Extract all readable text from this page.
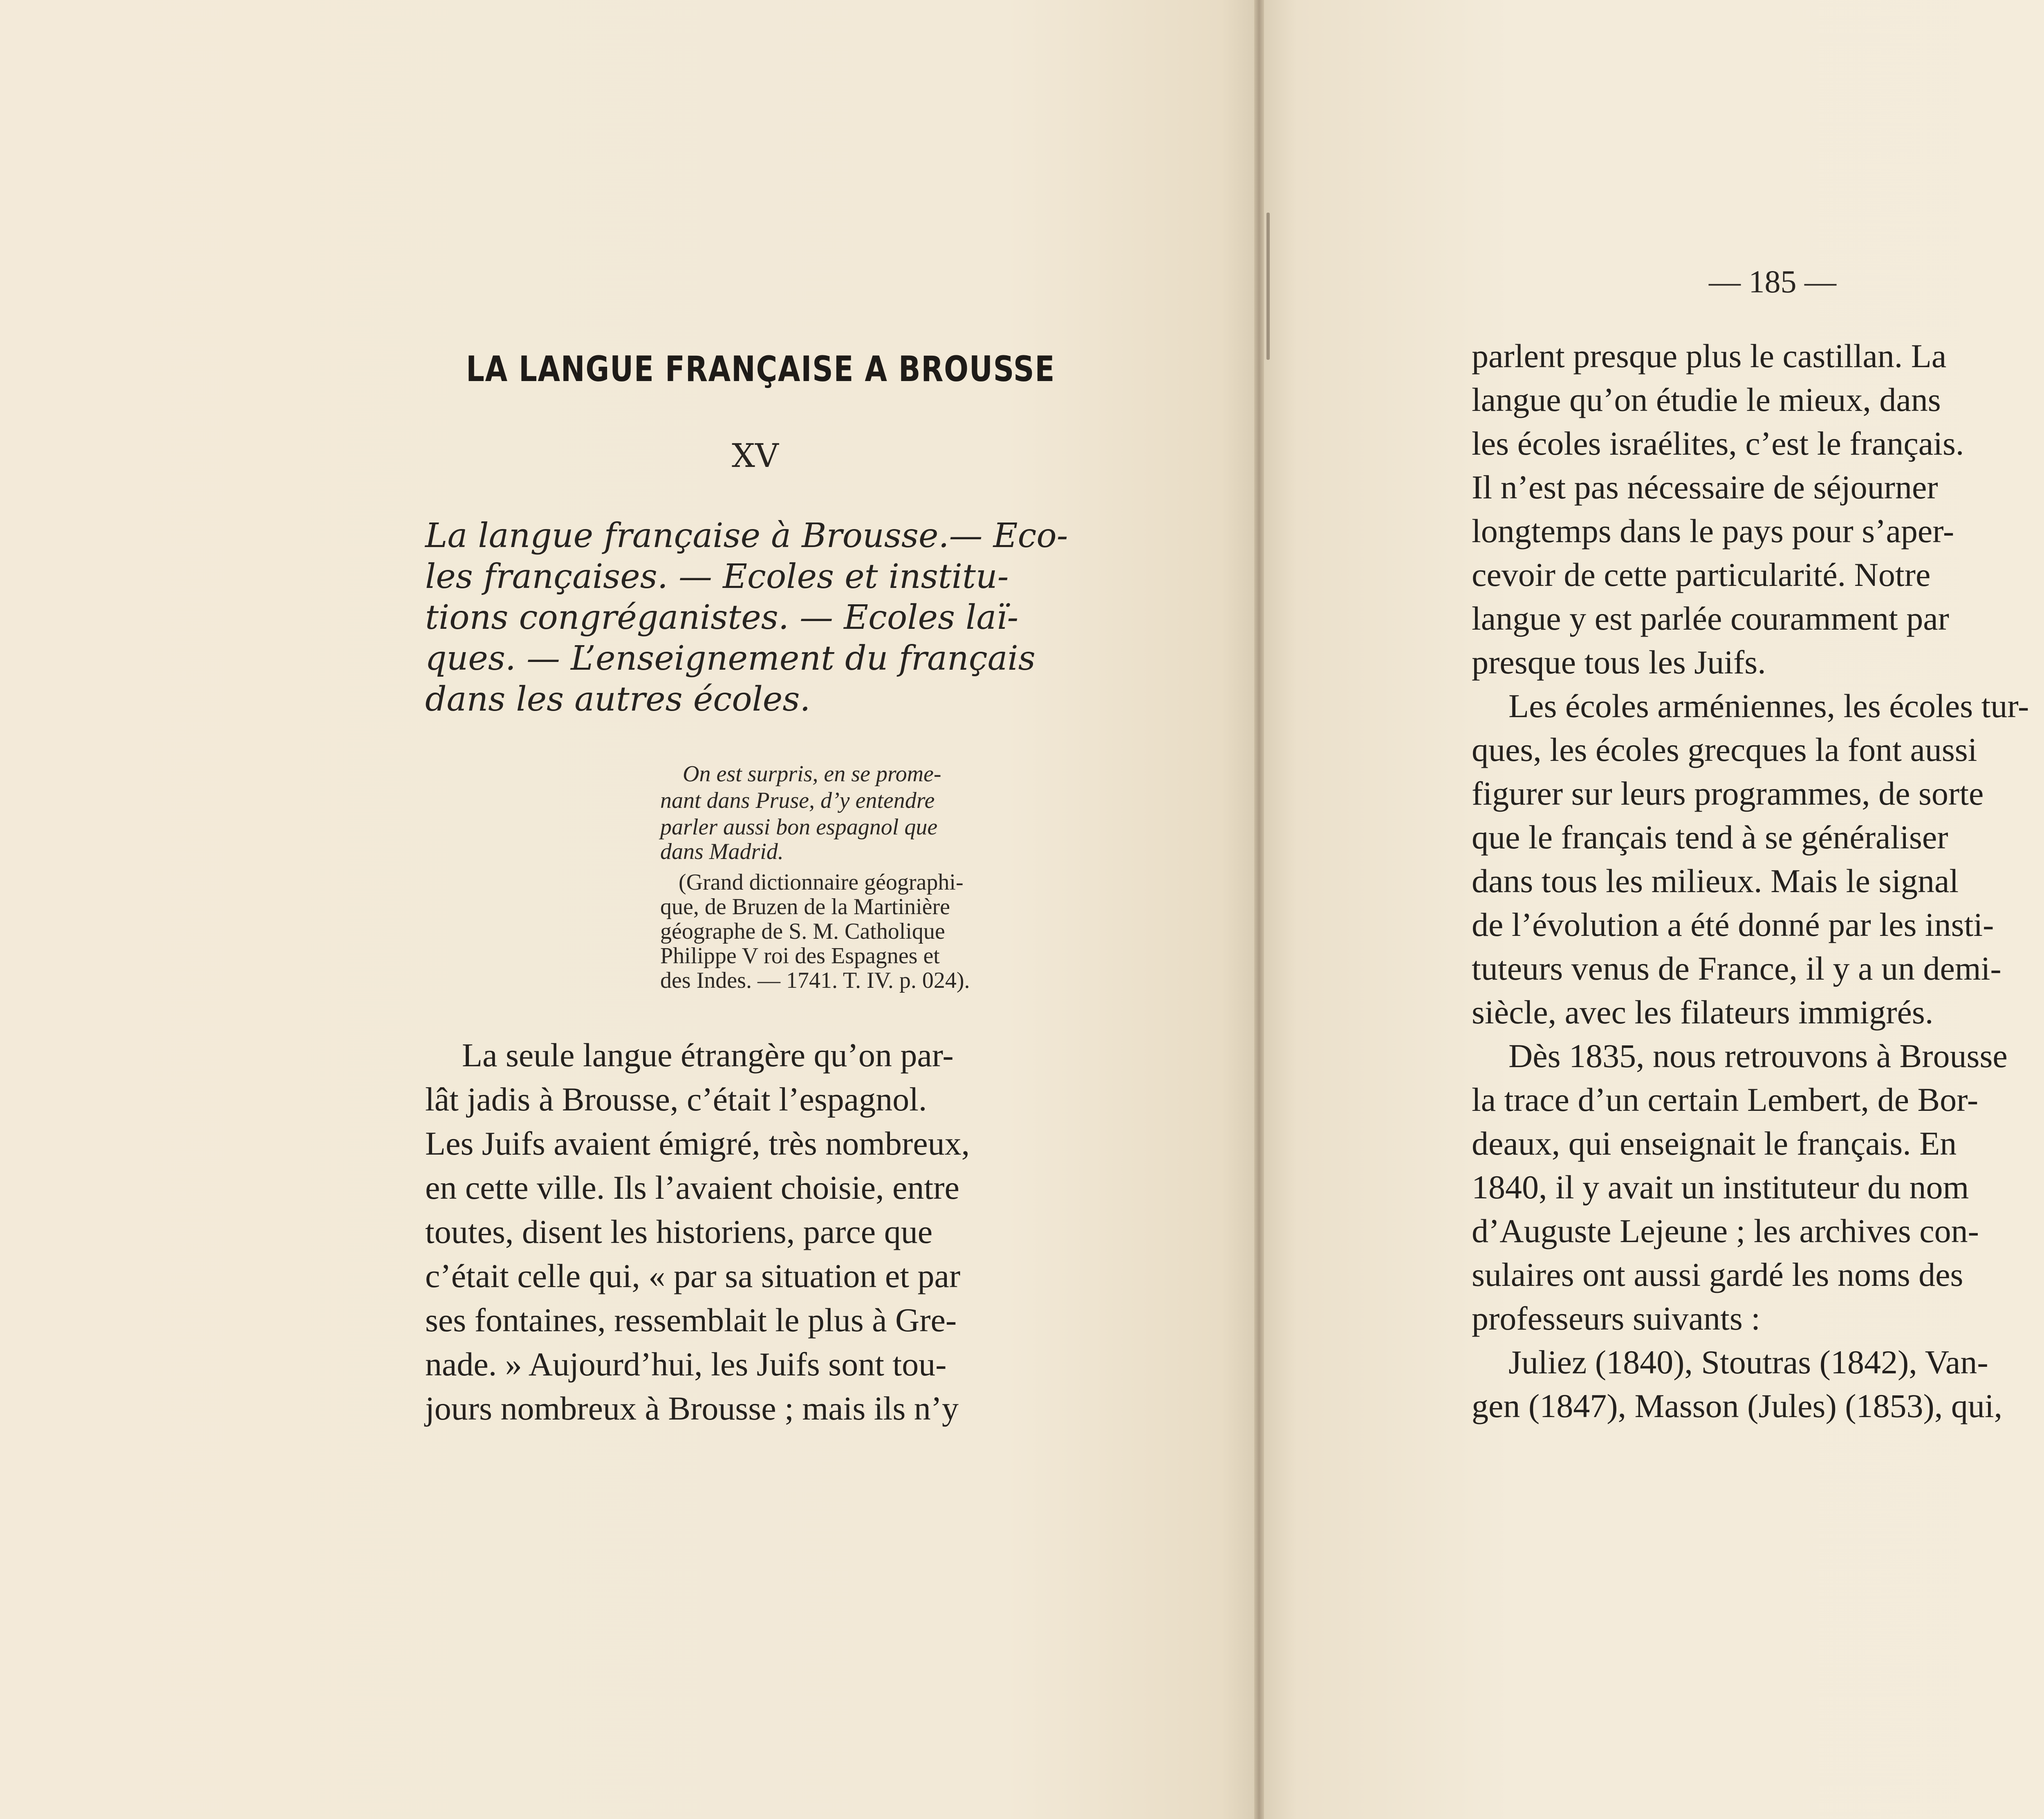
LA LANGUE FRANÇAISE A BROUSSE
XV
La langue française à Brousse.— Eco-
les françaises. — Ecoles et institu-
tions congréganistes. — Ecoles laï-
ques. — L’enseignement du français
dans les autres écoles.
On est surpris, en se prome-
nant dans Pruse, d’y entendre
parler aussi bon espagnol que
dans Madrid.
(Grand dictionnaire géographi-
que, de Bruzen de la Martinière
géographe de S. M. Catholique
Philippe V roi des Espagnes et
des Indes. — 1741. T. IV. p. 024).
La seule langue étrangère qu’on par-
lât jadis à Brousse, c’était l’espagnol.
Les Juifs avaient émigré, très nombreux,
en cette ville. Ils l’avaient choisie, entre
toutes, disent les historiens, parce que
c’était celle qui, « par sa situation et par
ses fontaines, ressemblait le plus à Gre-
nade. » Aujourd’hui, les Juifs sont tou-
jours nombreux à Brousse ; mais ils n’y
— 185 —
parlent presque plus le castillan. La
langue qu’on étudie le mieux, dans
les écoles israélites, c’est le français.
Il n’est pas nécessaire de séjourner
longtemps dans le pays pour s’aper-
cevoir de cette particularité. Notre
langue y est parlée couramment par
presque tous les Juifs.
Les écoles arméniennes, les écoles tur-
ques, les écoles grecques la font aussi
figurer sur leurs programmes, de sorte
que le français tend à se généraliser
dans tous les milieux. Mais le signal
de l’évolution a été donné par les insti-
tuteurs venus de France, il y a un demi-
siècle, avec les filateurs immigrés.
Dès 1835, nous retrouvons à Brousse
la trace d’un certain Lembert, de Bor-
deaux, qui enseignait le français. En
1840, il y avait un instituteur du nom
d’Auguste Lejeune ; les archives con-
sulaires ont aussi gardé les noms des
professeurs suivants :
Juliez (1840), Stoutras (1842), Van-
gen (1847), Masson (Jules) (1853), qui,
